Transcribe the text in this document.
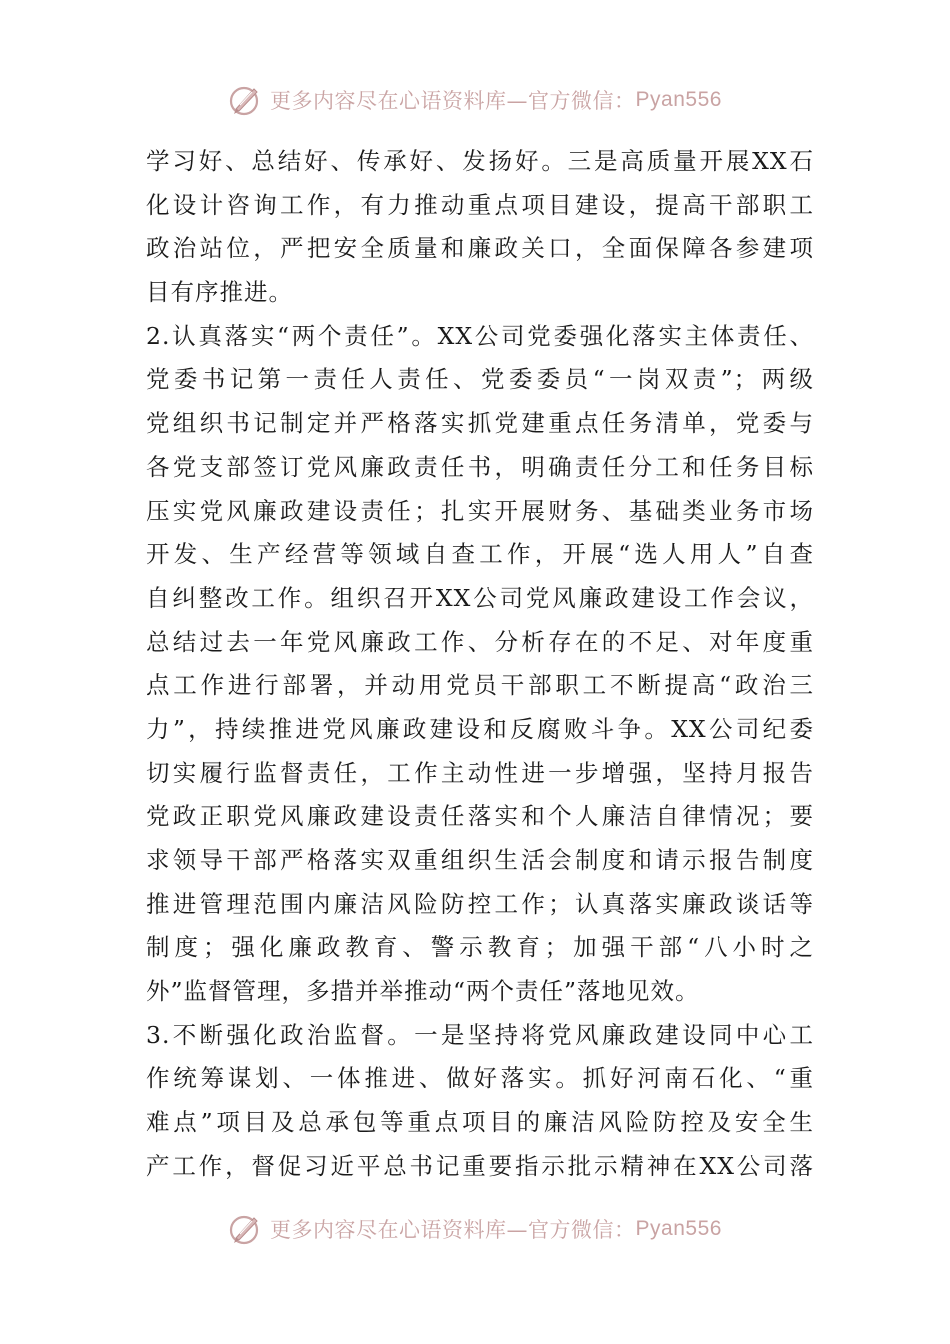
更多内容尽在心语资料库—官方微信： Pyan556
学习好、总结好、传承好、发扬好。三是高质量开展XX石
化设计咨询工作，有力推动重点项目建设，提高干部职工
政治站位，严把安全质量和廉政关口，全面保障各参建项
目有序推进。
2.认真落实“两个责任”。XX公司党委强化落实主体责任、
党委书记第一责任人责任、党委委员“一岗双责”；两级
党组织书记制定并严格落实抓党建重点任务清单，党委与
各党支部签订党风廉政责任书，明确责任分工和任务目标
压实党风廉政建设责任；扎实开展财务、基础类业务市场
开发、生产经营等领域自查工作，开展“选人用人”自查
自纠整改工作。组织召开XX公司党风廉政建设工作会议，
总结过去一年党风廉政工作、分析存在的不足、对年度重
点工作进行部署，并动用党员干部职工不断提高“政治三
力”，持续推进党风廉政建设和反腐败斗争。XX公司纪委
切实履行监督责任，工作主动性进一步增强，坚持月报告
党政正职党风廉政建设责任落实和个人廉洁自律情况；要
求领导干部严格落实双重组织生活会制度和请示报告制度
推进管理范围内廉洁风险防控工作；认真落实廉政谈话等
制度；强化廉政教育、警示教育；加强干部“八小时之
外”监督管理，多措并举推动“两个责任”落地见效。
3.不断强化政治监督。一是坚持将党风廉政建设同中心工
作统筹谋划、一体推进、做好落实。抓好河南石化、“重
难点”项目及总承包等重点项目的廉洁风险防控及安全生
产工作，督促习近平总书记重要指示批示精神在XX公司落
更多内容尽在心语资料库—官方微信： Pyan556
